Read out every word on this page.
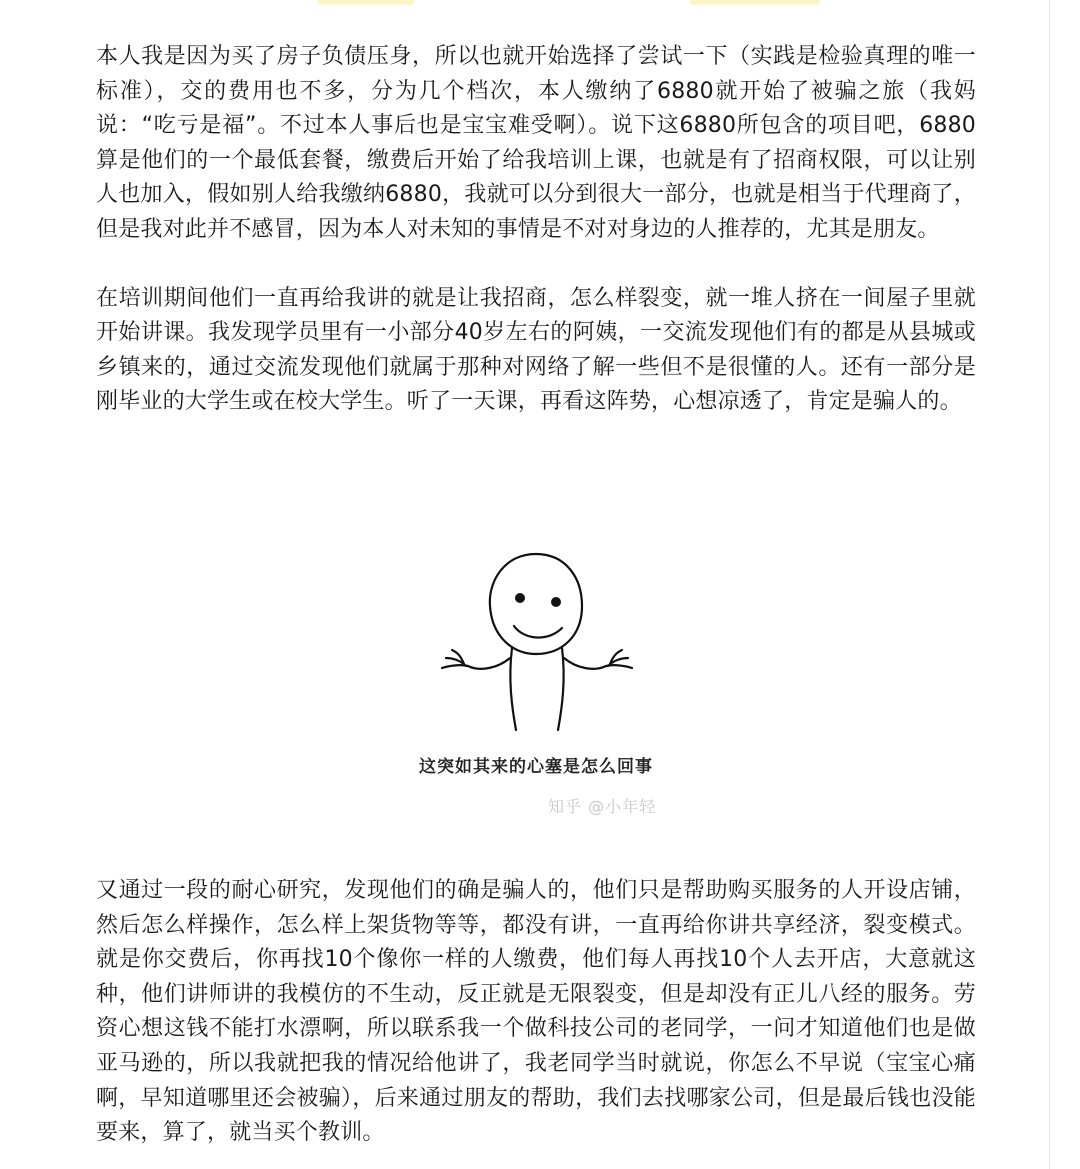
本人我是因为买了房子负债压身，所以也就开始选择了尝试一下（实践是检验真理的唯一标准），交的费用也不多，分为几个档次，本人缴纳了6880就开始了被骗之旅（我妈说：“吃亏是福”。不过本人事后也是宝宝难受啊）。说下这6880所包含的项目吧，6880算是他们的一个最低套餐，缴费后开始了给我培训上课，也就是有了招商权限，可以让别人也加入，假如别人给我缴纳6880，我就可以分到很大一部分，也就是相当于代理商了，但是我对此并不感冒，因为本人对未知的事情是不对对身边的人推荐的，尤其是朋友。

在培训期间他们一直再给我讲的就是让我招商，怎么样裂变，就一堆人挤在一间屋子里就开始讲课。我发现学员里有一小部分40岁左右的阿姨，一交流发现他们有的都是从县城或乡镇来的，通过交流发现他们就属于那种对网络了解一些但不是很懂的人。还有一部分是刚毕业的大学生或在校大学生。听了一天课，再看这阵势，心想凉透了，肯定是骗人的。

这突如其来的心塞是怎么回事
知乎 @小年轻

又通过一段的耐心研究，发现他们的确是骗人的，他们只是帮助购买服务的人开设店铺，然后怎么样操作，怎么样上架货物等等，都没有讲，一直再给你讲共享经济，裂变模式。就是你交费后，你再找10个像你一样的人缴费，他们每人再找10个人去开店，大意就这种，他们讲师讲的我模仿的不生动，反正就是无限裂变，但是却没有正儿八经的服务。劳资心想这钱不能打水漂啊，所以联系我一个做科技公司的老同学，一问才知道他们也是做亚马逊的，所以我就把我的情况给他讲了，我老同学当时就说，你怎么不早说（宝宝心痛啊，早知道哪里还会被骗），后来通过朋友的帮助，我们去找哪家公司，但是最后钱也没能要来，算了，就当买个教训。
